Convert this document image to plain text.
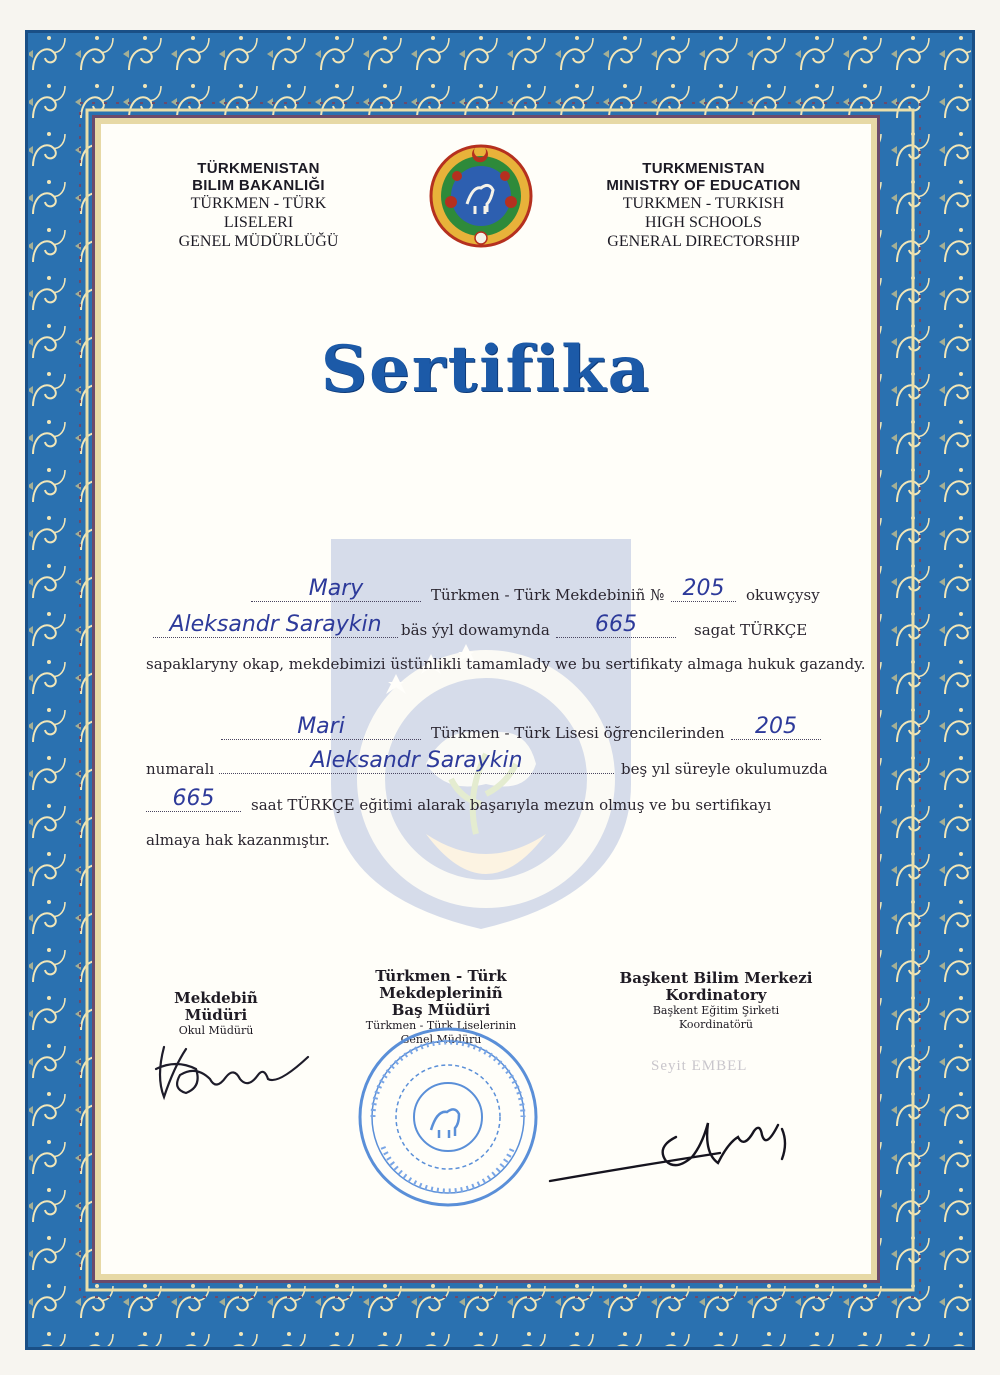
TÜRKMENISTAN
BILIM BAKANLIĞI
TÜRKMEN - TÜRK
LISELERI
GENEL MÜDÜRLÜĞÜ
TURKMENISTAN
MINISTRY OF EDUCATION
TURKMEN - TURKISH
HIGH SCHOOLS
GENERAL DIRECTORSHIP
Sertifika
Mary	Türkmen - Türk Mekdebiniñ № 205	okuwçysy
Aleksandr Saraykin	bäs ýyl dowamynda	665	sagat TÜRKÇE
sapaklaryny okap, mekdebimizi üstünlikli tamamlady we bu sertifikaty almaga hukuk gazandy.
Mari	Türkmen - Türk Lisesi öğrencilerinden	205
numaralı	Aleksandr Saraykin	beş yıl süreyle okulumuzda
665	saat TÜRKÇE eğitimi alarak başarıyla mezun olmuş ve bu sertifikayı
almaya hak kazanmıştır.
Mekdebiñ Müdüri
Okul Müdürü
Türkmen - Türk Mekdepleriniñ
Baş Müdüri
Türkmen - Türk Liselerinin
Genel Müdürü
Başkent Bilim Merkezi
Kordinatory
Başkent Eğitim Şirketi
Koordinatörü
Seyit EMBEL
